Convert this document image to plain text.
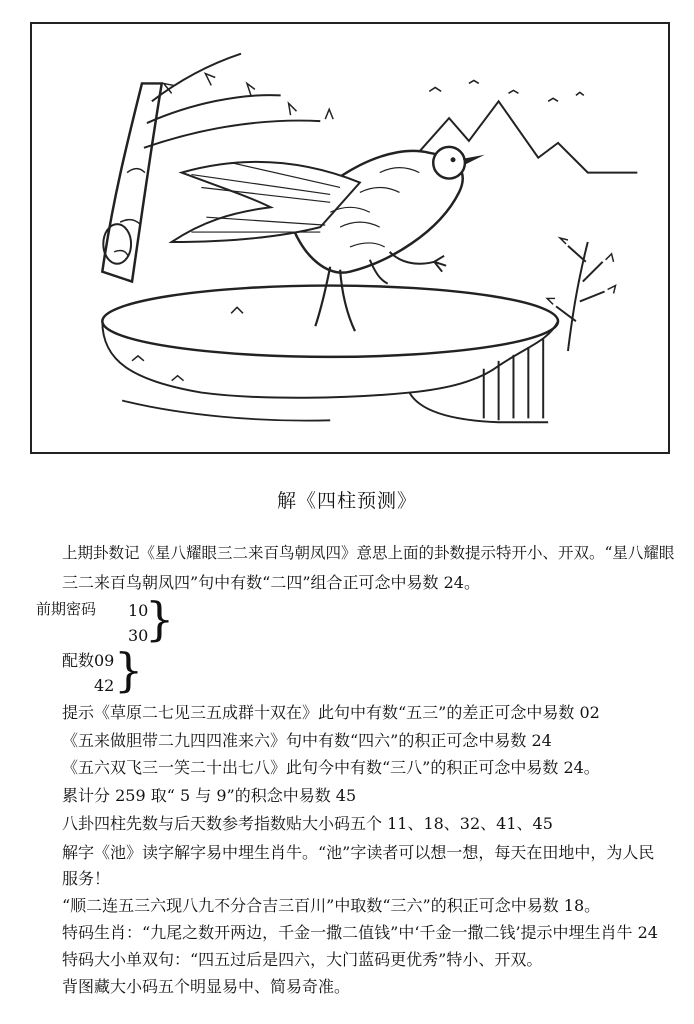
解《四柱预测》
上期卦数记《星八耀眼三二来百鸟朝凤四》意思上面的卦数提示特开小、开双。“星八耀眼
三二来百鸟朝凤四”句中有数“二四”组合正可念中易数 24。
前期密码 10
30
}
配数 09
42 }
提示《草原二七见三五成群十双在》此句中有数“五三”的差正可念中易数 02
《五来做胆带二九四四准来六》句中有数“四六”的积正可念中易数 24
《五六双飞三一笑二十出七八》此句今中有数“三八”的积正可念中易数 24。
累计分 259 取“ 5 与 9”的积念中易数 45
八卦四柱先数与后天数参考指数贴大小码五个 11、18、32、41、45
解字《池》读字解字易中埋生肖牛。“池”字读者可以想一想，每天在田地中，为人民
服务！
“顺二连五三六现八九不分合吉三百川”中取数“三六”的积正可念中易数 18。
特码生肖：“九尾之数开两边，千金一撒二值钱”中‘千金一撒二钱’提示中埋生肖牛 24
特码大小单双句：“四五过后是四六，大门蓝码更优秀”特小、开双。
背图藏大小码五个明显易中、简易奇准。
